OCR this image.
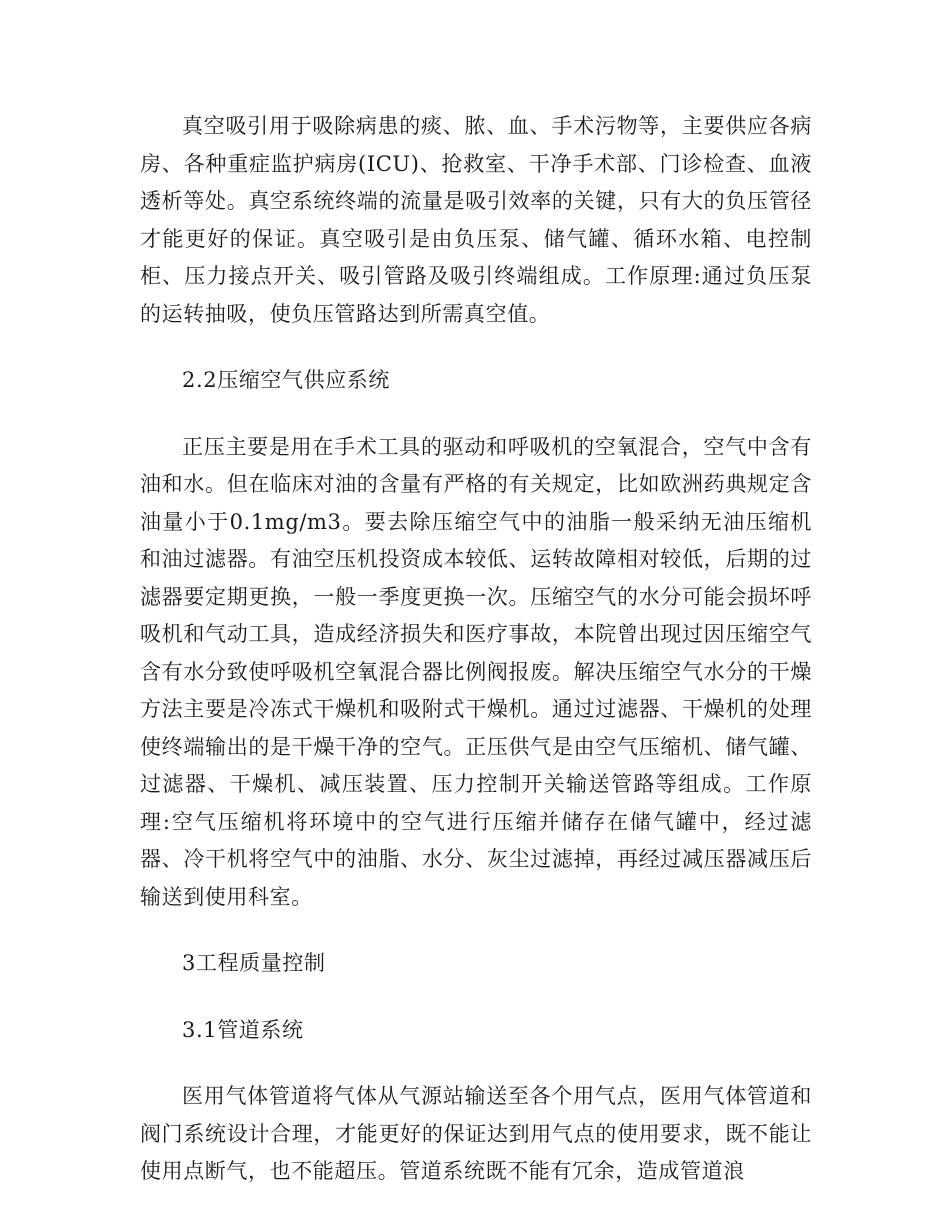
真空吸引用于吸除病患的痰、脓、血、手术污物等，主要供应各病房、各种重症监护病房(ICU)、抢救室、干净手术部、门诊检查、血液透析等处。真空系统终端的流量是吸引效率的关键，只有大的负压管径才能更好的保证。真空吸引是由负压泵、储气罐、循环水箱、电控制柜、压力接点开关、吸引管路及吸引终端组成。工作原理:通过负压泵的运转抽吸，使负压管路达到所需真空值。

2.2压缩空气供应系统

正压主要是用在手术工具的驱动和呼吸机的空氧混合，空气中含有油和水。但在临床对油的含量有严格的有关规定，比如欧洲药典规定含油量小于0.1mg/m3。要去除压缩空气中的油脂一般采纳无油压缩机和油过滤器。有油空压机投资成本较低、运转故障相对较低，后期的过滤器要定期更换，一般一季度更换一次。压缩空气的水分可能会损坏呼吸机和气动工具，造成经济损失和医疗事故，本院曾出现过因压缩空气含有水分致使呼吸机空氧混合器比例阀报废。解决压缩空气水分的干燥方法主要是冷冻式干燥机和吸附式干燥机。通过过滤器、干燥机的处理使终端输出的是干燥干净的空气。正压供气是由空气压缩机、储气罐、过滤器、干燥机、减压装置、压力控制开关输送管路等组成。工作原理:空气压缩机将环境中的空气进行压缩并储存在储气罐中，经过滤器、冷干机将空气中的油脂、水分、灰尘过滤掉，再经过减压器减压后输送到使用科室。

3工程质量控制

3.1管道系统

医用气体管道将气体从气源站输送至各个用气点，医用气体管道和阀门系统设计合理，才能更好的保证达到用气点的使用要求，既不能让使用点断气，也不能超压。管道系统既不能有冗余，造成管道浪
